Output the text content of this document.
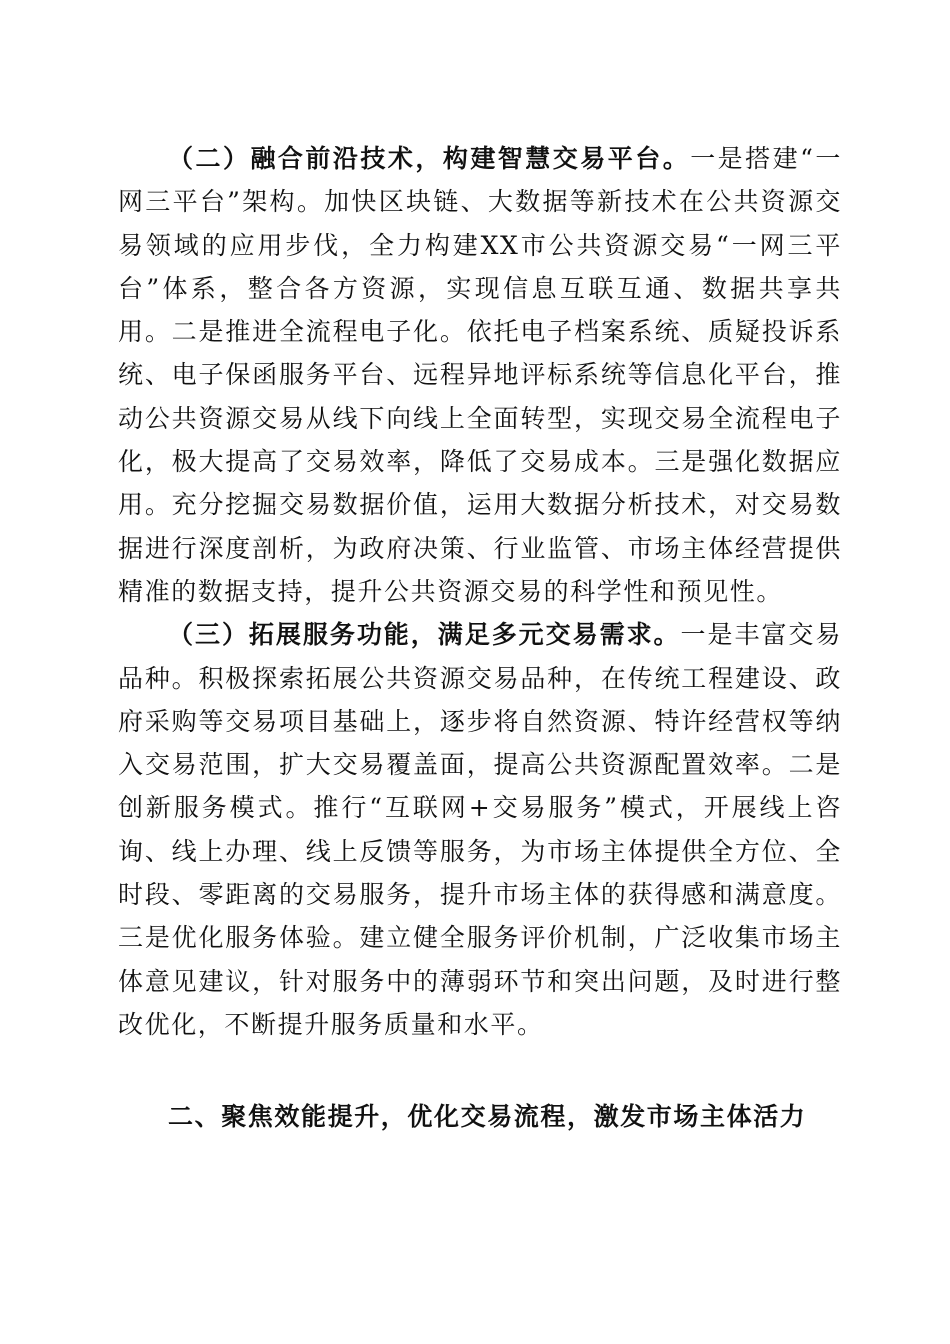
（二）融合前沿技术，构建智慧交易平台。一是搭建“一网三平台”架构。加快区块链、大数据等新技术在公共资源交易领域的应用步伐，全力构建XX市公共资源交易“一网三平台”体系，整合各方资源，实现信息互联互通、数据共享共用。二是推进全流程电子化。依托电子档案系统、质疑投诉系统、电子保函服务平台、远程异地评标系统等信息化平台，推动公共资源交易从线下向线上全面转型，实现交易全流程电子化，极大提高了交易效率，降低了交易成本。三是强化数据应用。充分挖掘交易数据价值，运用大数据分析技术，对交易数据进行深度剖析，为政府决策、行业监管、市场主体经营提供精准的数据支持，提升公共资源交易的科学性和预见性。

（三）拓展服务功能，满足多元交易需求。一是丰富交易品种。积极探索拓展公共资源交易品种，在传统工程建设、政府采购等交易项目基础上，逐步将自然资源、特许经营权等纳入交易范围，扩大交易覆盖面，提高公共资源配置效率。二是创新服务模式。推行“互联网+交易服务”模式，开展线上咨询、线上办理、线上反馈等服务，为市场主体提供全方位、全时段、零距离的交易服务，提升市场主体的获得感和满意度。三是优化服务体验。建立健全服务评价机制，广泛收集市场主体意见建议，针对服务中的薄弱环节和突出问题，及时进行整改优化，不断提升服务质量和水平。

二、聚焦效能提升，优化交易流程，激发市场主体活力
